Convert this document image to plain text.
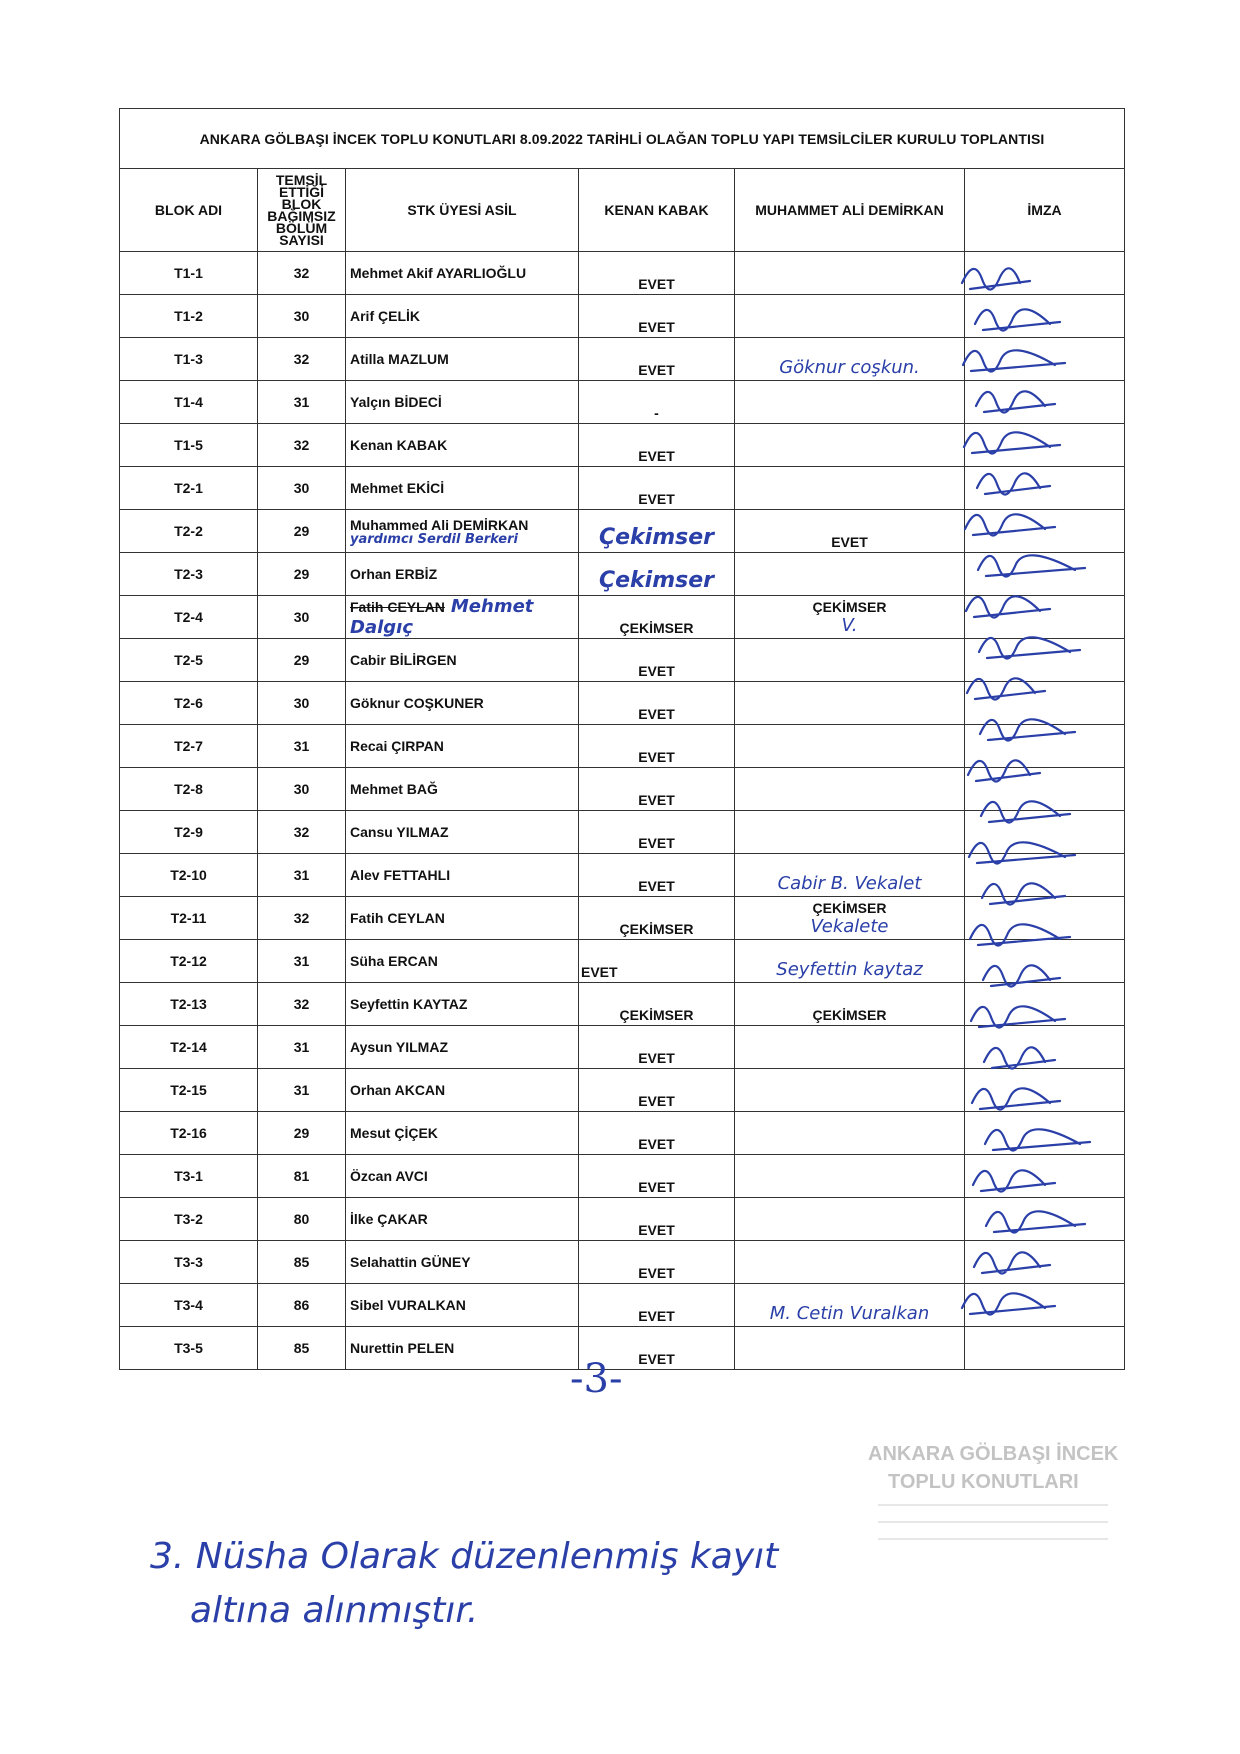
ANKARA GÖLBAŞI İNCEK TOPLU KONUTLARI 8.09.2022 TARİHLİ OLAĞAN TOPLU YAPI TEMSİLCİLER KURULU TOPLANTISI					
BLOK ADI	TEMSİL ETTİĞİ BLOK BAĞIMSIZ BÖLÜM SAYISI	STK ÜYESİ ASİL	KENAN KABAK	MUHAMMET ALİ DEMİRKAN	İMZA
T1-1	32	Mehmet Akif AYARLIOĞLU	EVET		
T1-2	30	Arif ÇELİK	EVET		
T1-3	32	Atilla MAZLUM	EVET	Göknur coşkun.	

T1-4	31	Yalçın BİDECİ	-		
T1-5	32	Kenan KABAK	EVET		
T2-1	30	Mehmet EKİCİ	EVET		
T2-2	29	Muhammed Ali DEMİRKAN
yardımcı Serdil Berkeri	Çekimser	EVET	
T2-3	29	Orhan ERBİZ	Çekimser		
T2-4	30	Fatih CEYLAN Mehmet Dalgıç	ÇEKİMSER	ÇEKİMSER
V.	

T2-5	29	Cabir BİLİRGEN	EVET		
T2-6	30	Göknur COŞKUNER	EVET		
T2-7	31	Recai ÇIRPAN	EVET		
T2-8	30	Mehmet BAĞ	EVET		
T2-9	32	Cansu YILMAZ	EVET		
T2-10	31	Alev FETTAHLI	EVET	Cabir B. Vekalet	

T2-11	32	Fatih CEYLAN	ÇEKİMSER	ÇEKİMSER
Vekalete	

T2-12	31	Süha ERCAN	EVET	Seyfettin kaytaz	

T2-13	32	Seyfettin KAYTAZ	ÇEKİMSER	ÇEKİMSER	
T2-14	31	Aysun YILMAZ	EVET		
T2-15	31	Orhan AKCAN	EVET		
T2-16	29	Mesut ÇİÇEK	EVET		
T3-1	81	Özcan AVCI	EVET		
T3-2	80	İlke ÇAKAR	EVET		
T3-3	85	Selahattin GÜNEY	EVET		
T3-4	86	Sibel VURALKAN	EVET	M. Cetin Vuralkan	

T3-5	85	Nurettin PELEN	EVET		
-3-
ANKARA GÖLBAŞI İNCEK
TOPLU KONUTLARI
3. Nüsha Olarak düzenlenmiş kayıt
altına alınmıştır.
